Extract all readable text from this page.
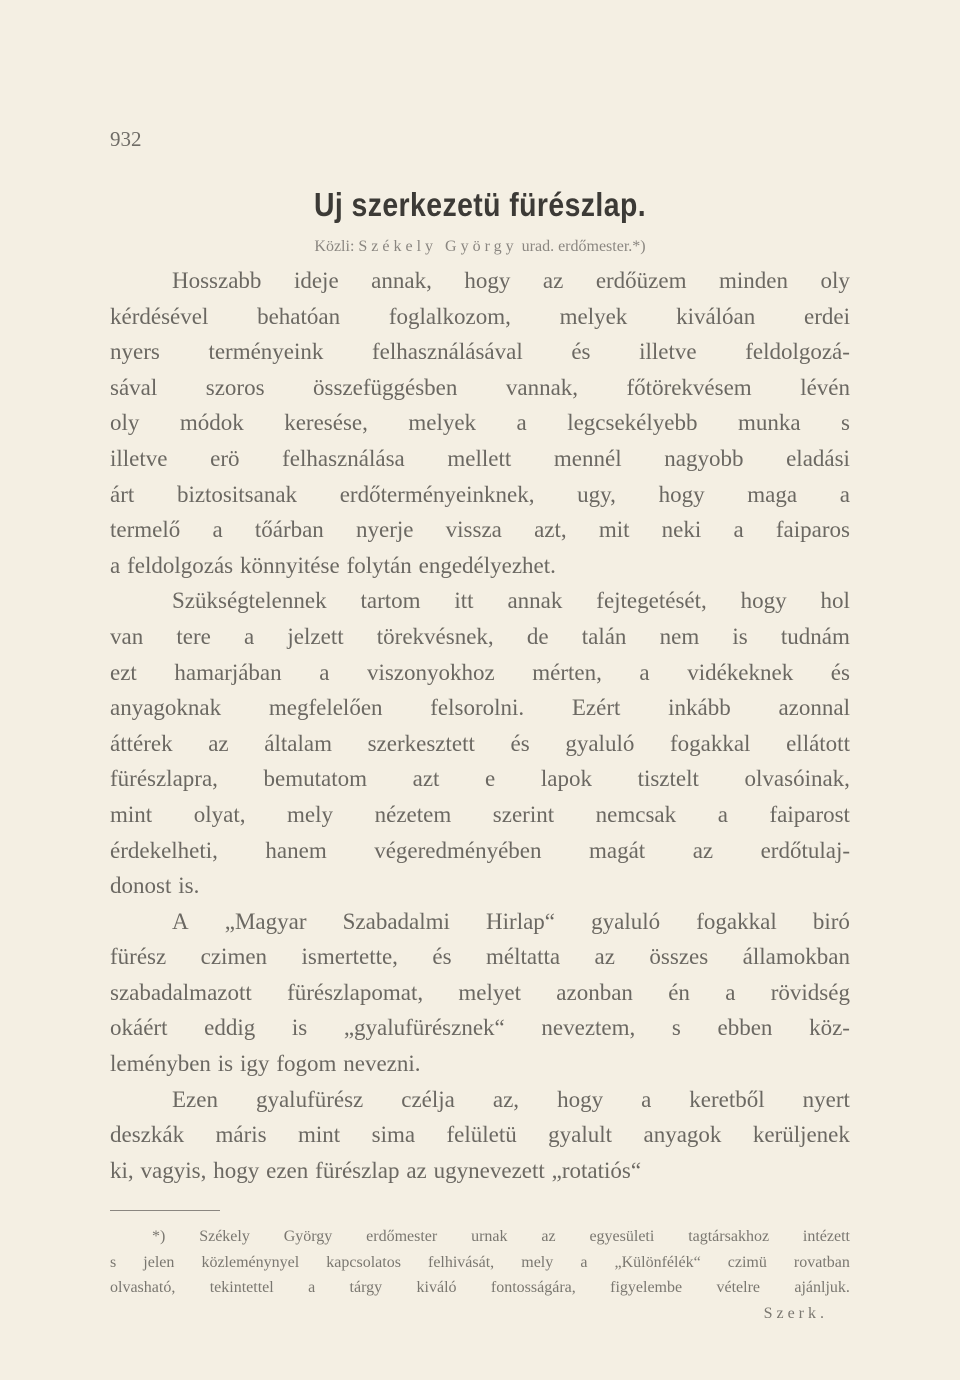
932
Uj szerkezetü fürészlap.
Közli: Székely György urad. erdőmester.*)
Hosszabb ideje annak, hogy az erdőüzem minden oly
kérdésével behatóan foglalkozom, melyek kiválóan erdei
nyers terményeink felhasználásával és illetve feldolgozá-
sával szoros összefüggésben vannak, főtörekvésem lévén
oly módok keresése, melyek a legcsekélyebb munka s
illetve erö felhasználása mellett mennél nagyobb eladási
árt biztositsanak erdőterményeinknek, ugy, hogy maga a
termelő a tőárban nyerje vissza azt, mit neki a faiparos
a feldolgozás könnyitése folytán engedélyezhet.
Szükségtelennek tartom itt annak fejtegetését, hogy hol
van tere a jelzett törekvésnek, de talán nem is tudnám
ezt hamarjában a viszonyokhoz mérten, a vidékeknek és
anyagoknak megfelelően felsorolni. Ezért inkább azonnal
áttérek az általam szerkesztett és gyaluló fogakkal ellátott
fürészlapra, bemutatom azt e lapok tisztelt olvasóinak,
mint olyat, mely nézetem szerint nemcsak a faiparost
érdekelheti, hanem végeredményében magát az erdőtulaj-
donost is.
A „Magyar Szabadalmi Hirlap“ gyaluló fogakkal biró
fürész czimen ismertette, és méltatta az összes államokban
szabadalmazott fürészlapomat, melyet azonban én a rövidség
okáért eddig is „gyalufürésznek“ neveztem, s ebben köz-
leményben is igy fogom nevezni.
Ezen gyalufürész czélja az, hogy a keretből nyert
deszkák máris mint sima felületü gyalult anyagok kerüljenek
ki, vagyis, hogy ezen fürészlap az ugynevezett „rotatiós“
*) Székely György erdőmester urnak az egyesületi tagtársakhoz intézett
s jelen közleménynyel kapcsolatos felhivását, mely a „Különfélék“ czimü rovatban
olvasható, tekintettel a tárgy kiváló fontosságára, figyelembe vételre ajánljuk.
Szerk.
